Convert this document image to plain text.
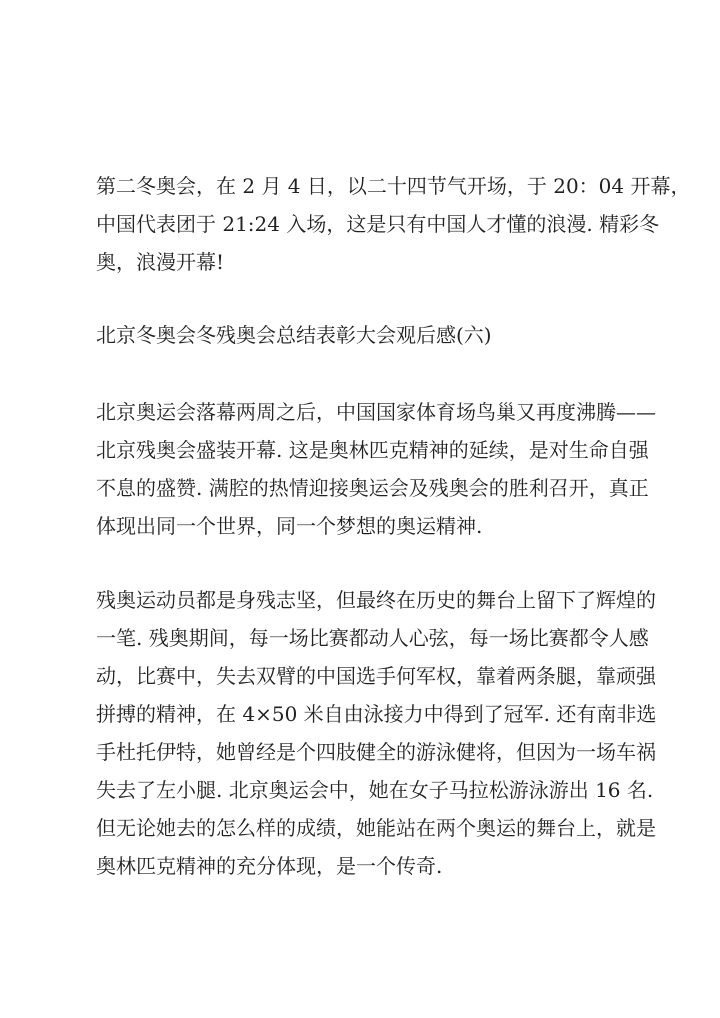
第二冬奥会，在 2 月 4 日，以二十四节气开场，于 20：04 开幕，
中国代表团于 21:24 入场，这是只有中国人才懂的浪漫. 精彩冬
奥，浪漫开幕!
北京冬奥会冬残奥会总结表彰大会观后感(六)
北京奥运会落幕两周之后，中国国家体育场鸟巢又再度沸腾——
北京残奥会盛装开幕. 这是奥林匹克精神的延续，是对生命自强
不息的盛赞. 满腔的热情迎接奥运会及残奥会的胜利召开，真正
体现出同一个世界，同一个梦想的奥运精神.
残奥运动员都是身残志坚，但最终在历史的舞台上留下了辉煌的
一笔. 残奥期间，每一场比赛都动人心弦，每一场比赛都令人感
动，比赛中，失去双臂的中国选手何军权，靠着两条腿，靠顽强
拼搏的精神，在 4×50 米自由泳接力中得到了冠军. 还有南非选
手杜托伊特，她曾经是个四肢健全的游泳健将，但因为一场车祸
失去了左小腿. 北京奥运会中，她在女子马拉松游泳游出 16 名.
但无论她去的怎么样的成绩，她能站在两个奥运的舞台上，就是
奥林匹克精神的充分体现，是一个传奇.
